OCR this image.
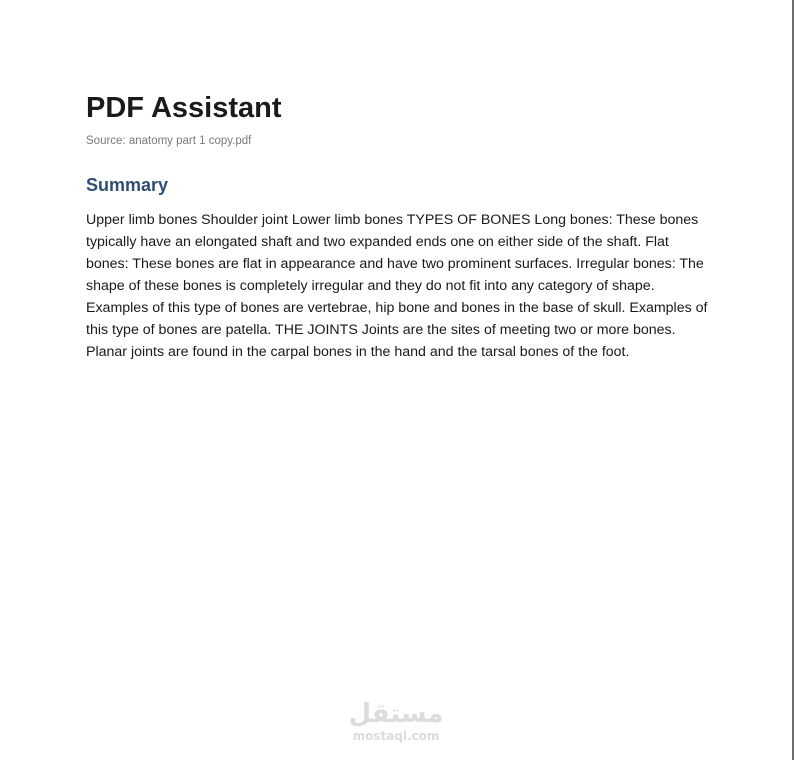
PDF Assistant
Source: anatomy part 1 copy.pdf
Summary

Upper limb bones Shoulder joint Lower limb bones TYPES OF BONES Long bones: These bones typically have an elongated shaft and two expanded ends one on either side of the shaft. Flat bones: These bones are flat in appearance and have two prominent surfaces. Irregular bones: The shape of these bones is completely irregular and they do not fit into any category of shape. Examples of this type of bones are vertebrae, hip bone and bones in the base of skull. Examples of this type of bones are patella. THE JOINTS Joints are the sites of meeting two or more bones. Planar joints are found in the carpal bones in the hand and the tarsal bones of the foot.

مستقل
mostaql.com
